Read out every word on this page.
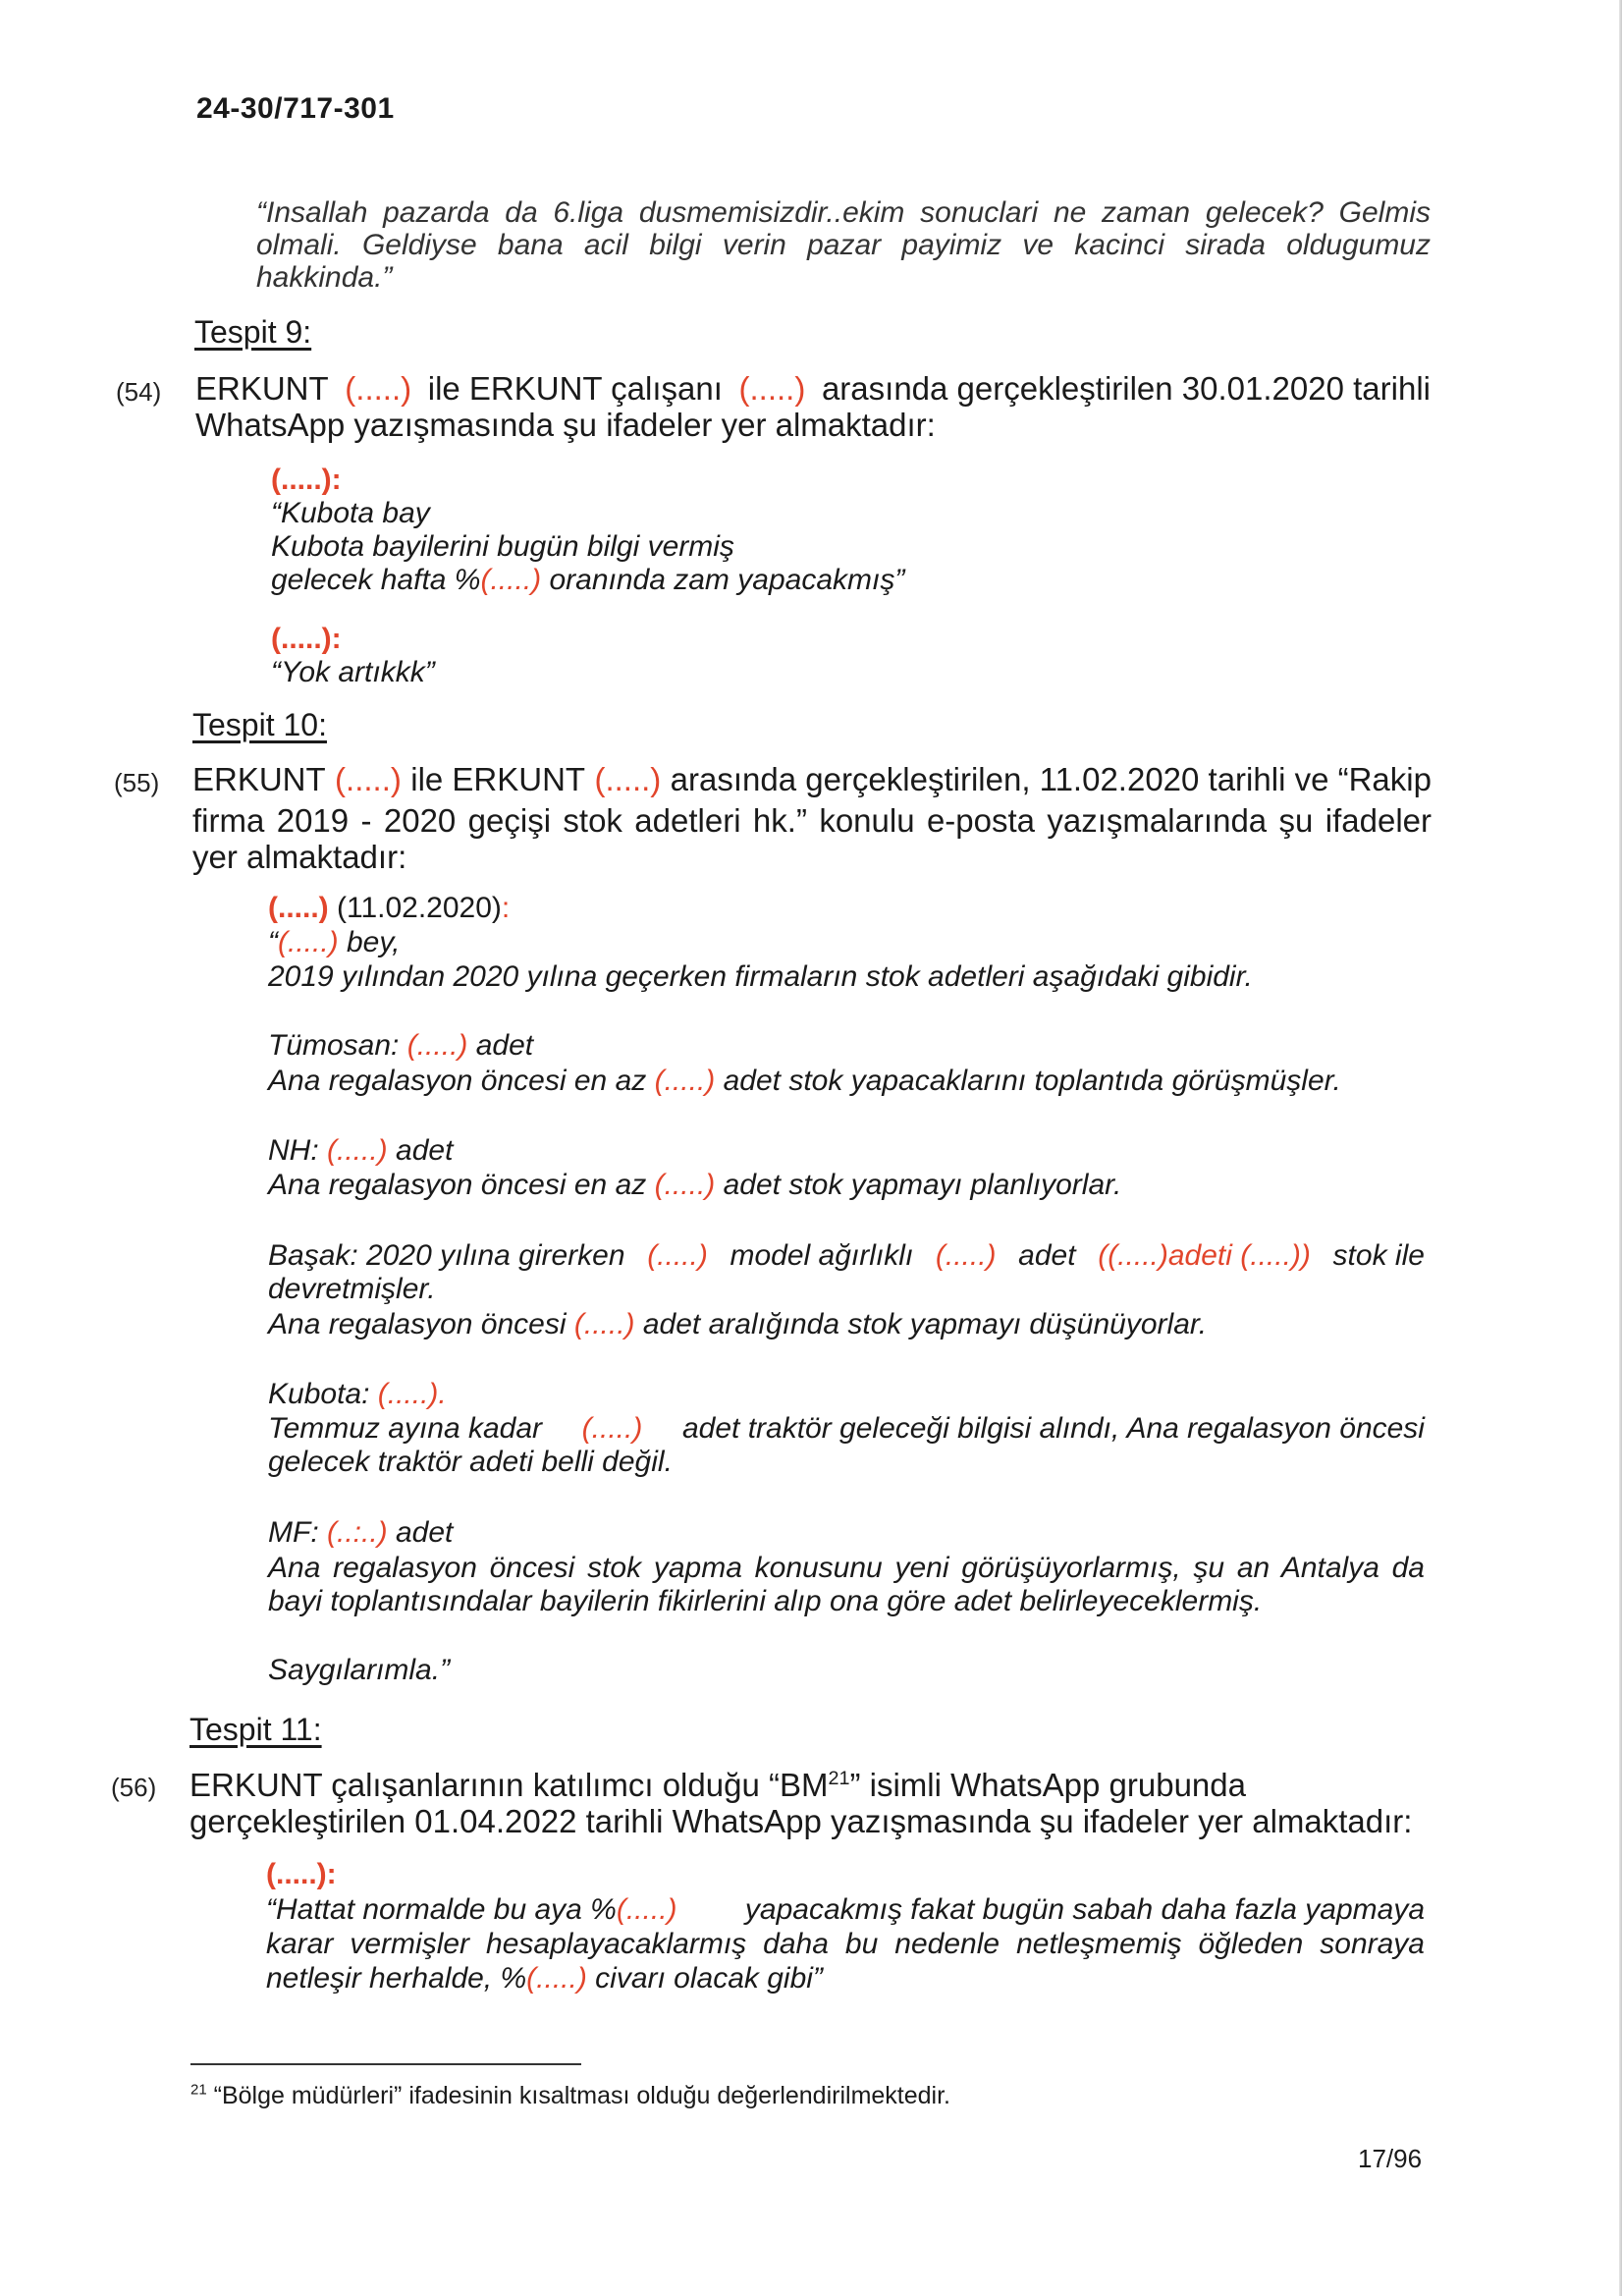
24-30/717-301
“Insallah pazarda da 6.liga dusmemisizdir..ekim sonuclari ne zaman gelecek? Gelmis
olmali. Geldiyse bana acil bilgi verin pazar payimiz ve kacinci sirada oldugumuz
hakkinda.”
Tespit 9:
(54) ERKUNT (.....) ile ERKUNT çalışanı (.....) arasında gerçekleştirilen 30.01.2020 tarihli
WhatsApp yazışmasında şu ifadeler yer almaktadır:
(.....):
“Kubota bay
Kubota bayilerini bugün bilgi vermiş
gelecek hafta %(.....) oranında zam yapacakmış”
(.....):
“Yok artıkkk”
Tespit 10:
(55) ERKUNT (.....) ile ERKUNT (.....) arasında gerçekleştirilen, 11.02.2020 tarihli ve “Rakip
firma 2019 - 2020 geçişi stok adetleri hk.” konulu e-posta yazışmalarında şu ifadeler
yer almaktadır:
(.....) (11.02.2020):
“(.....) bey,
2019 yılından 2020 yılına geçerken firmaların stok adetleri aşağıdaki gibidir.
Tümosan: (.....) adet
Ana regalasyon öncesi en az (.....) adet stok yapacaklarını toplantıda görüşmüşler.
NH: (.....) adet
Ana regalasyon öncesi en az (.....) adet stok yapmayı planlıyorlar.
Başak: 2020 yılına girerken (.....) model ağırlıklı (.....) adet ((.....)adeti (.....)) stok ile
devretmişler.
Ana regalasyon öncesi (.....) adet aralığında stok yapmayı düşünüyorlar.
Kubota: (.....).
Temmuz ayına kadar (.....) adet traktör geleceği bilgisi alındı, Ana regalasyon öncesi
gelecek traktör adeti belli değil.
MF: (..:..) adet
Ana regalasyon öncesi stok yapma konusunu yeni görüşüyorlarmış, şu an Antalya da
bayi toplantısındalar bayilerin fikirlerini alıp ona göre adet belirleyeceklermiş.
Saygılarımla.”
Tespit 11:
(56) ERKUNT çalışanlarının katılımcı olduğu “BM$^{21}$” isimli WhatsApp grubunda
gerçekleştirilen 01.04.2022 tarihli WhatsApp yazışmasında şu ifadeler yer almaktadır:
(.....):
“Hattat normalde bu aya %(.....) yapacakmış fakat bugün sabah daha fazla yapmaya
karar vermişler hesaplayacaklarmış daha bu nedenle netleşmemiş öğleden sonraya
netleşir herhalde, %(.....) civarı olacak gibi”
$^{21}$ “Bölge müdürleri” ifadesinin kısaltması olduğu değerlendirilmektedir.
17/96
